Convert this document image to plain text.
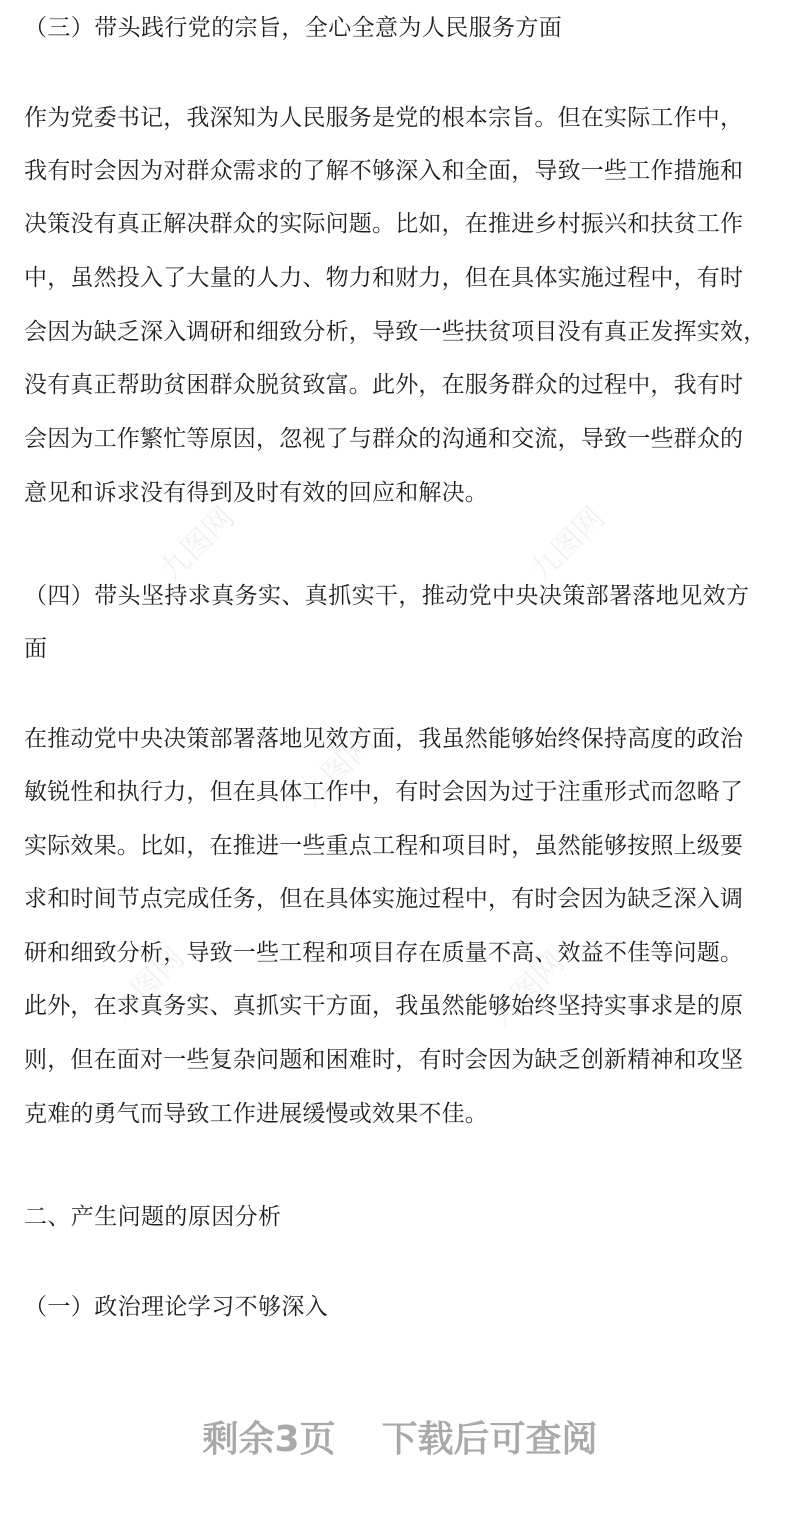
九图网	九图网
九图网
九图网	九图网
（三）带头践行党的宗旨，全心全意为人民服务方面
作为党委书记，我深知为人民服务是党的根本宗旨。但在实际工作中，
我有时会因为对群众需求的了解不够深入和全面，导致一些工作措施和
决策没有真正解决群众的实际问题。比如，在推进乡村振兴和扶贫工作
中，虽然投入了大量的人力、物力和财力，但在具体实施过程中，有时
会因为缺乏深入调研和细致分析，导致一些扶贫项目没有真正发挥实效，
没有真正帮助贫困群众脱贫致富。此外，在服务群众的过程中，我有时
会因为工作繁忙等原因，忽视了与群众的沟通和交流，导致一些群众的
意见和诉求没有得到及时有效的回应和解决。
（四）带头坚持求真务实、真抓实干，推动党中央决策部署落地见效方
面
在推动党中央决策部署落地见效方面，我虽然能够始终保持高度的政治
敏锐性和执行力，但在具体工作中，有时会因为过于注重形式而忽略了
实际效果。比如，在推进一些重点工程和项目时，虽然能够按照上级要
求和时间节点完成任务，但在具体实施过程中，有时会因为缺乏深入调
研和细致分析，导致一些工程和项目存在质量不高、效益不佳等问题。
此外，在求真务实、真抓实干方面，我虽然能够始终坚持实事求是的原
则，但在面对一些复杂问题和困难时，有时会因为缺乏创新精神和攻坚
克难的勇气而导致工作进展缓慢或效果不佳。
二、产生问题的原因分析
（一）政治理论学习不够深入
剩余3页 下载后可查阅
